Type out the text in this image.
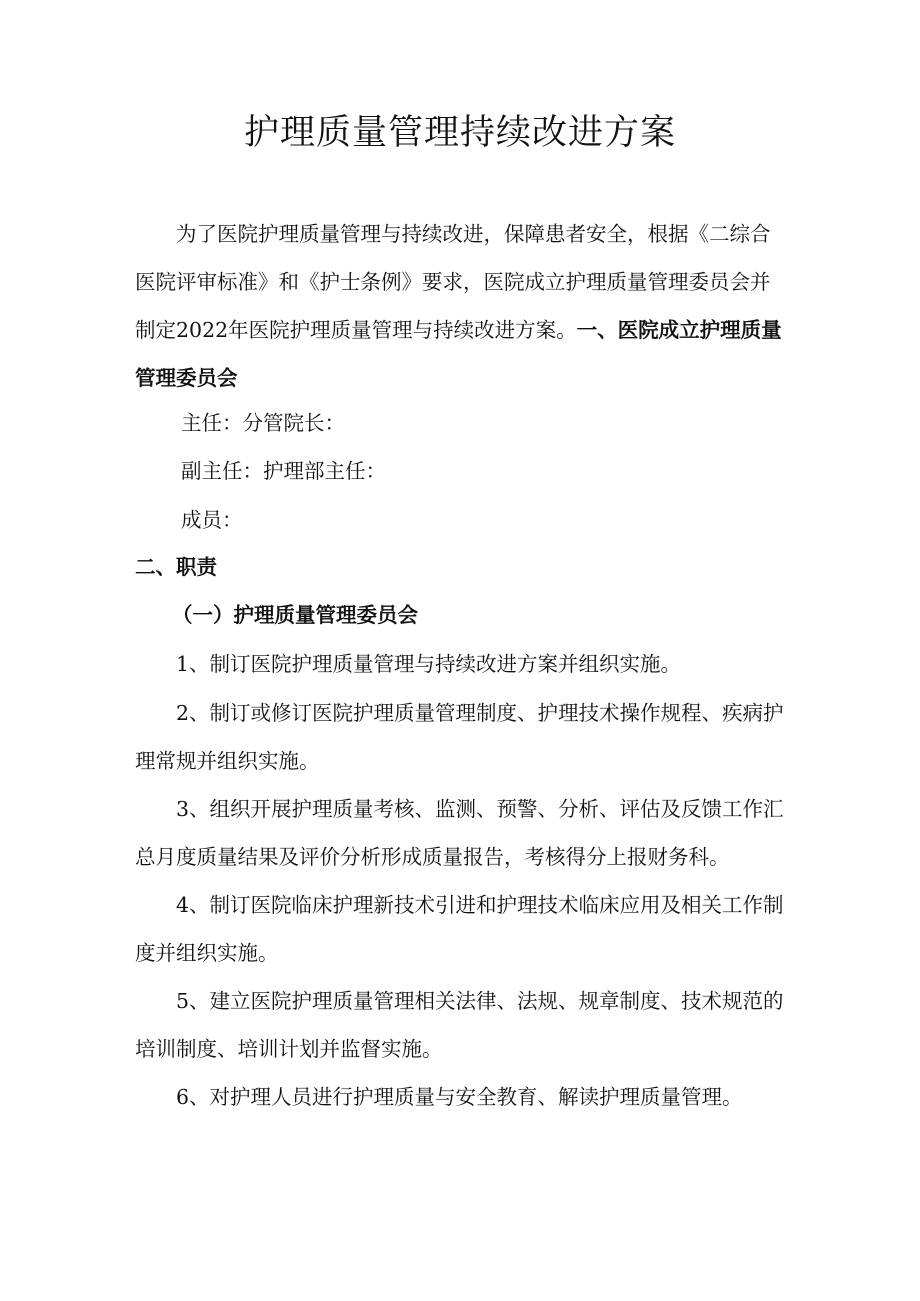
护理质量管理持续改进方案
为了医院护理质量管理与持续改进，保障患者安全，根据《二综合医院评审标准》和《护士条例》要求，医院成立护理质量管理委员会并制定2022年医院护理质量管理与持续改进方案。一、医院成立护理质量管理委员会
主任：分管院长：
副主任：护理部主任：
成员：
二、职责
（一）护理质量管理委员会
1、制订医院护理质量管理与持续改进方案并组织实施。
2、制订或修订医院护理质量管理制度、护理技术操作规程、疾病护理常规并组织实施。
3、组织开展护理质量考核、监测、预警、分析、评估及反馈工作汇总月度质量结果及评价分析形成质量报告，考核得分上报财务科。
4、制订医院临床护理新技术引进和护理技术临床应用及相关工作制度并组织实施。
5、建立医院护理质量管理相关法律、法规、规章制度、技术规范的培训制度、培训计划并监督实施。
6、对护理人员进行护理质量与安全教育、解读护理质量管理。
